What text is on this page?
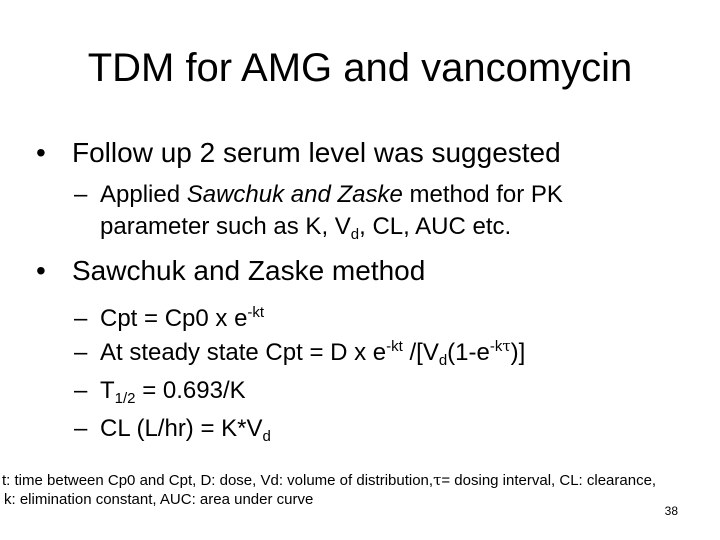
TDM for AMG and vancomycin
• Follow up 2 serum level was suggested
– Applied Sawchuk and Zaske method for PK
parameter such as K, $V_d$, CL, AUC etc.
• Sawchuk and Zaske method
– Cpt = Cp0 x $e^{-kt}$
– At steady state Cpt = D x $e^{-kt}$ $/[V_d(1-e^{-k\tau})]$
– $T_{1/2} = 0.693/K$
– CL $(L/hr) = K*V_d$
t: time between Cp0 and Cpt, D: dose, Vd: volume of distribution,τ= dosing interval, CL: clearance,
k: elimination constant, AUC: area under curve
38
